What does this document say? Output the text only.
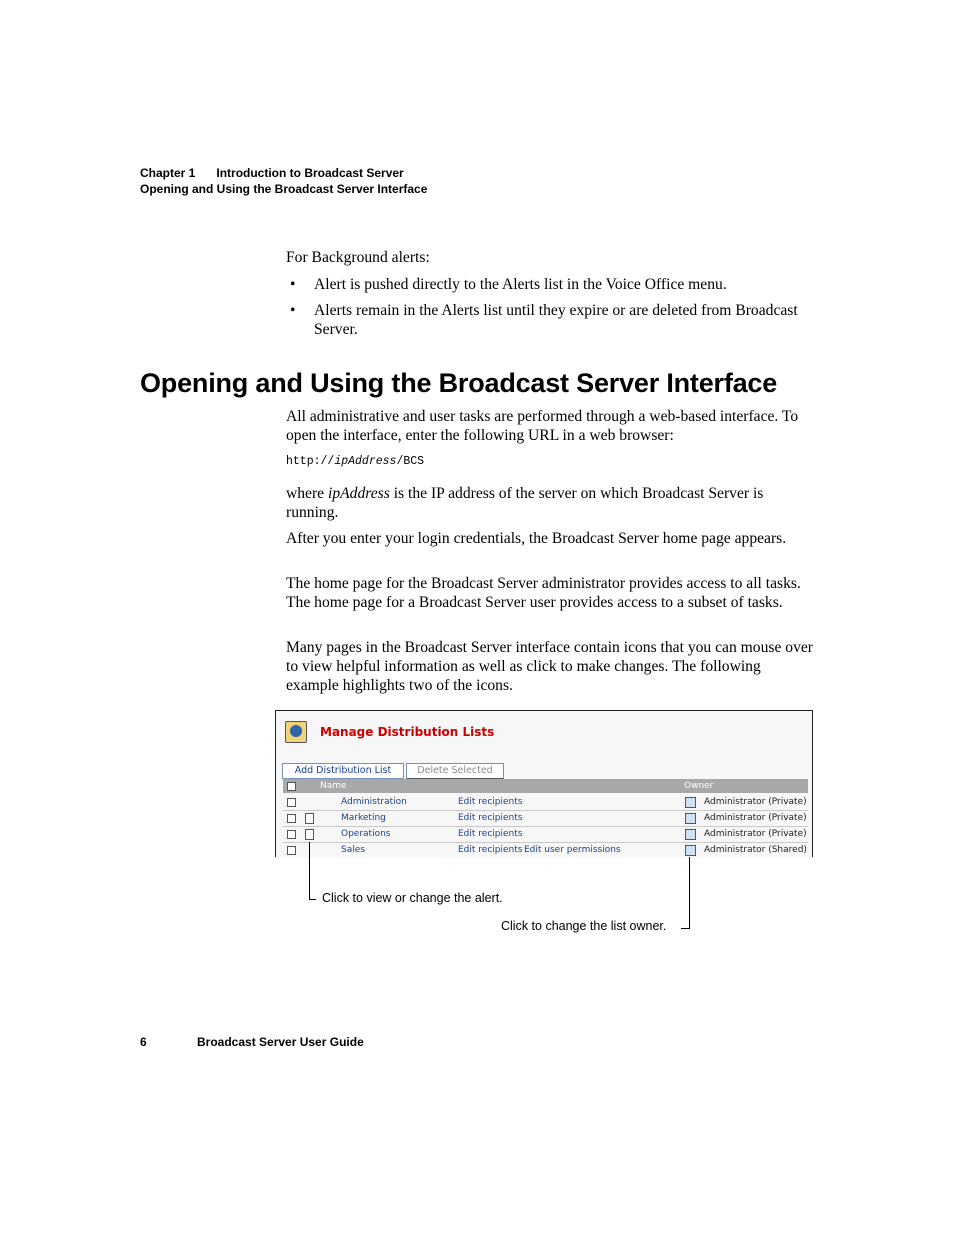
Chapter 1 Introduction to Broadcast Server
Opening and Using the Broadcast Server Interface
For Background alerts:
•	Alert is pushed directly to the Alerts list in the Voice Office menu.
•	Alerts remain in the Alerts list until they expire or are deleted from Broadcast Server.
Opening and Using the Broadcast Server Interface
All administrative and user tasks are performed through a web-based interface. To open the interface, enter the following URL in a web browser:
http://ipAddress/BCS
where ipAddress is the IP address of the server on which Broadcast Server is running.
After you enter your login credentials, the Broadcast Server home page appears.
The home page for the Broadcast Server administrator provides access to all tasks. The home page for a Broadcast Server user provides access to a subset of tasks.
Many pages in the Broadcast Server interface contain icons that you can mouse over to view helpful information as well as click to make changes. The following example highlights two of the icons.
Manage Distribution Lists
Add Distribution List	Delete Selected
Name	Owner
Administration	Edit recipients	Administrator (Private)
Marketing	Edit recipients	Administrator (Private)
Operations	Edit recipients	Administrator (Private)
Sales	Edit recipients Edit user permissions	Administrator (Shared)
Click to view or change the alert.
Click to change the list owner.
6	Broadcast Server User Guide
